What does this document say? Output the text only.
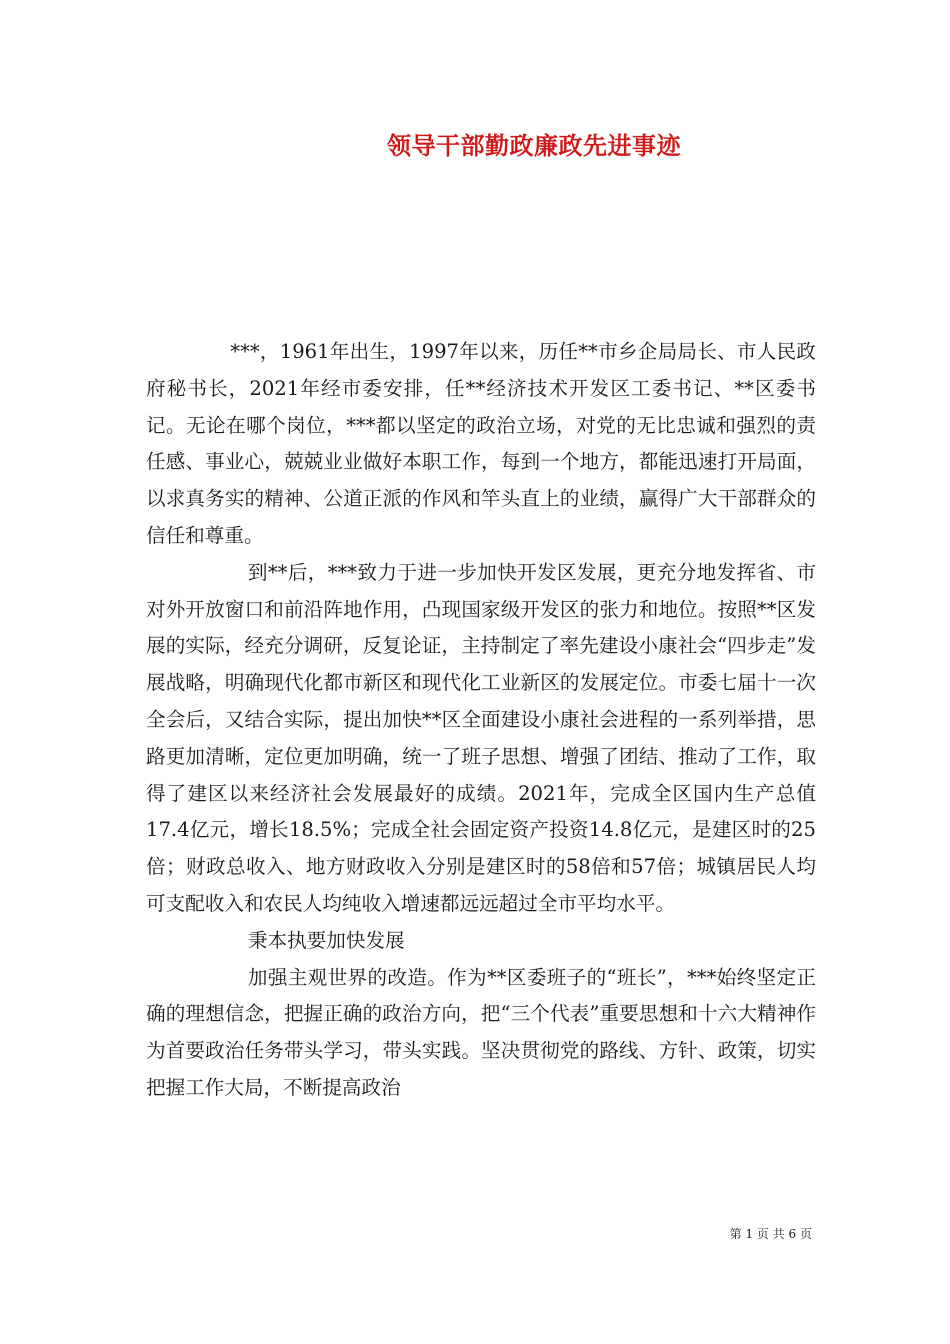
领导干部勤政廉政先进事迹

***，1961年出生，1997年以来，历任**市乡企局局长、市人民政府秘书长，2021年经市委安排，任**经济技术开发区工委书记、**区委书记。无论在哪个岗位，***都以坚定的政治立场，对党的无比忠诚和强烈的责任感、事业心，兢兢业业做好本职工作，每到一个地方，都能迅速打开局面，以求真务实的精神、公道正派的作风和竿头直上的业绩，赢得广大干部群众的信任和尊重。

到**后，***致力于进一步加快开发区发展，更充分地发挥省、市对外开放窗口和前沿阵地作用，凸现国家级开发区的张力和地位。按照**区发展的实际，经充分调研，反复论证，主持制定了率先建设小康社会“四步走”发展战略，明确现代化都市新区和现代化工业新区的发展定位。市委七届十一次全会后，又结合实际，提出加快**区全面建设小康社会进程的一系列举措，思路更加清晰，定位更加明确，统一了班子思想、增强了团结、推动了工作，取得了建区以来经济社会发展最好的成绩。2021年，完成全区国内生产总值17.4亿元，增长18.5%；完成全社会固定资产投资14.8亿元，是建区时的25倍；财政总收入、地方财政收入分别是建区时的58倍和57倍；城镇居民人均可支配收入和农民人均纯收入增速都远远超过全市平均水平。

秉本执要加快发展

加强主观世界的改造。作为**区委班子的“班长”，***始终坚定正确的理想信念，把握正确的政治方向，把“三个代表”重要思想和十六大精神作为首要政治任务带头学习，带头实践。坚决贯彻党的路线、方针、政策，切实把握工作大局，不断提高政治

第 1 页 共 6 页
